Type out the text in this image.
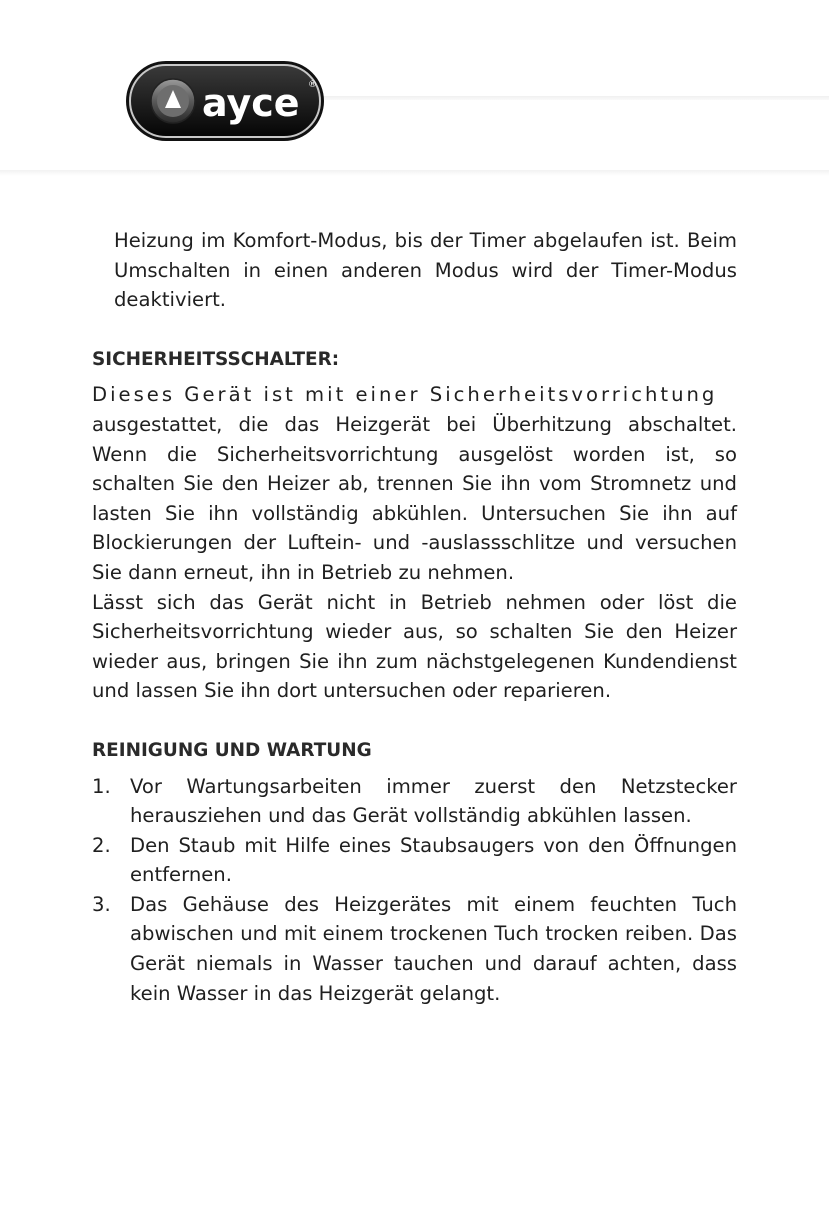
ayce ®

Heizung im Komfort-Modus, bis der Timer abgelaufen ist. Beim Umschalten in einen anderen Modus wird der Timer-Modus deaktiviert.

SICHERHEITSSCHALTER:

Dieses Gerät ist mit einer Sicherheitsvorrichtung

ausgestattet, die das Heizgerät bei Überhitzung abschaltet. Wenn die Sicherheitsvorrichtung ausgelöst worden ist, so schalten Sie den Heizer ab, trennen Sie ihn vom Stromnetz und lasten Sie ihn vollständig abkühlen. Untersuchen Sie ihn auf Blockierungen der Luftein- und -auslassschlitze und versuchen Sie dann erneut, ihn in Betrieb zu nehmen.

Lässt sich das Gerät nicht in Betrieb nehmen oder löst die Sicherheitsvorrichtung wieder aus, so schalten Sie den Heizer wieder aus, bringen Sie ihn zum nächstgelegenen Kundendienst und lassen Sie ihn dort untersuchen oder reparieren.

REINIGUNG UND WARTUNG
1. Vor Wartungsarbeiten immer zuerst den Netzstecker herausziehen und das Gerät vollständig abkühlen lassen.
2. Den Staub mit Hilfe eines Staubsaugers von den Öffnungen entfernen.
3. Das Gehäuse des Heizgerätes mit einem feuchten Tuch abwischen und mit einem trockenen Tuch trocken reiben. Das Gerät niemals in Wasser tauchen und darauf achten, dass kein Wasser in das Heizgerät gelangt.
